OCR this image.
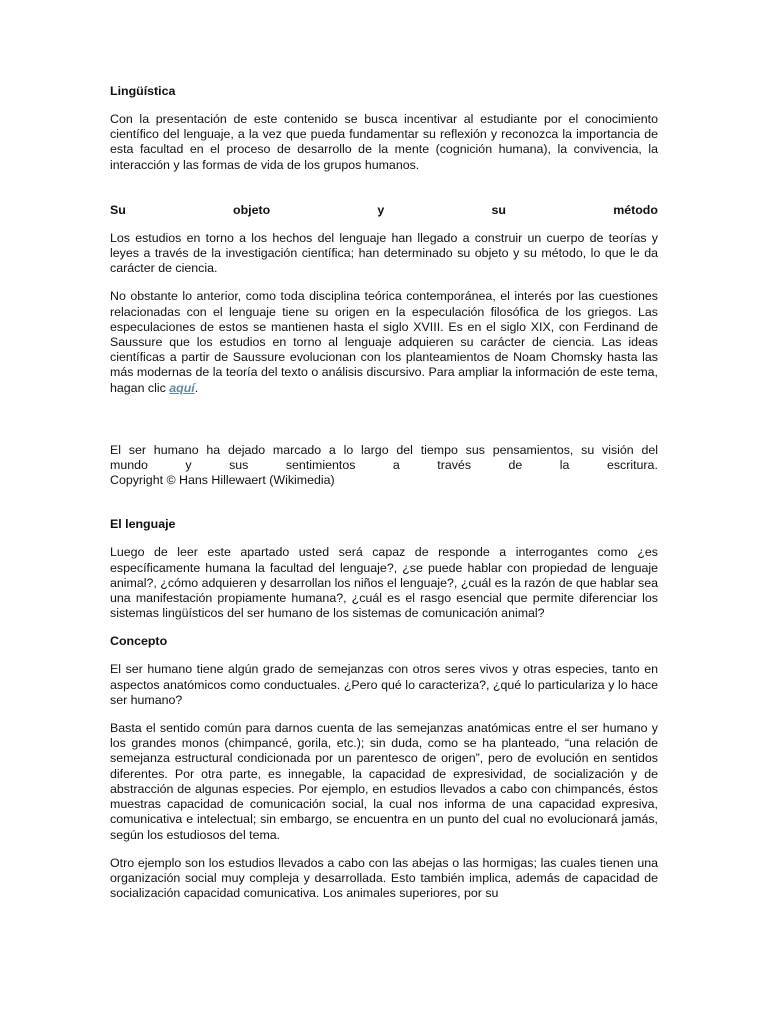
Lingüística

Con la presentación de este contenido se busca incentivar al estudiante por el conocimiento científico del lenguaje, a la vez que pueda fundamentar su reflexión y reconozca la importancia de esta facultad en el proceso de desarrollo de la mente (cognición humana), la convivencia, la interacción y las formas de vida de los grupos humanos.

Su	objeto	y	su	método

Los estudios en torno a los hechos del lenguaje han llegado a construir un cuerpo de teorías y leyes a través de la investigación científica; han determinado su objeto y su método, lo que le da carácter de ciencia.

No obstante lo anterior, como toda disciplina teórica contemporánea, el interés por las cuestiones relacionadas con el lenguaje tiene su origen en la especulación filosófica de los griegos. Las especulaciones de estos se mantienen hasta el siglo XVIII. Es en el siglo XIX, con Ferdinand de Saussure que los estudios en torno al lenguaje adquieren su carácter de ciencia. Las ideas científicas a partir de Saussure evolucionan con los planteamientos de Noam Chomsky hasta las más modernas de la teoría del texto o análisis discursivo. Para ampliar la información de este tema, hagan clic aquí.

El ser humano ha dejado marcado a lo largo del tiempo sus pensamientos, su visión del

mundo	y	sus	sentimientos	a	través	de	la	escritura.

Copyright © Hans Hillewaert (Wikimedia)

El lenguaje

Luego de leer este apartado usted será capaz de responde a interrogantes como ¿es específicamente humana la facultad del lenguaje?, ¿se puede hablar con propiedad de lenguaje animal?, ¿cómo adquieren y desarrollan los niños el lenguaje?, ¿cuál es la razón de que hablar sea una manifestación propiamente humana?, ¿cuál es el rasgo esencial que permite diferenciar los sistemas lingüísticos del ser humano de los sistemas de comunicación animal?

Concepto

El ser humano tiene algún grado de semejanzas con otros seres vivos y otras especies, tanto en aspectos anatómicos como conductuales. ¿Pero qué lo caracteriza?, ¿qué lo particulariza y lo hace ser humano?

Basta el sentido común para darnos cuenta de las semejanzas anatómicas entre el ser humano y los grandes monos (chimpancé, gorila, etc.); sin duda, como se ha planteado, “una relación de semejanza estructural condicionada por un parentesco de origen”, pero de evolución en sentidos diferentes. Por otra parte, es innegable, la capacidad de expresividad, de socialización y de abstracción de algunas especies. Por ejemplo, en estudios llevados a cabo con chimpancés, éstos muestras capacidad de comunicación social, la cual nos informa de una capacidad expresiva, comunicativa e intelectual; sin embargo, se encuentra en un punto del cual no evolucionará jamás, según los estudiosos del tema.

Otro ejemplo son los estudios llevados a cabo con las abejas o las hormigas; las cuales tienen una organización social muy compleja y desarrollada. Esto también implica, además de capacidad de socialización capacidad comunicativa. Los animales superiores, por su
